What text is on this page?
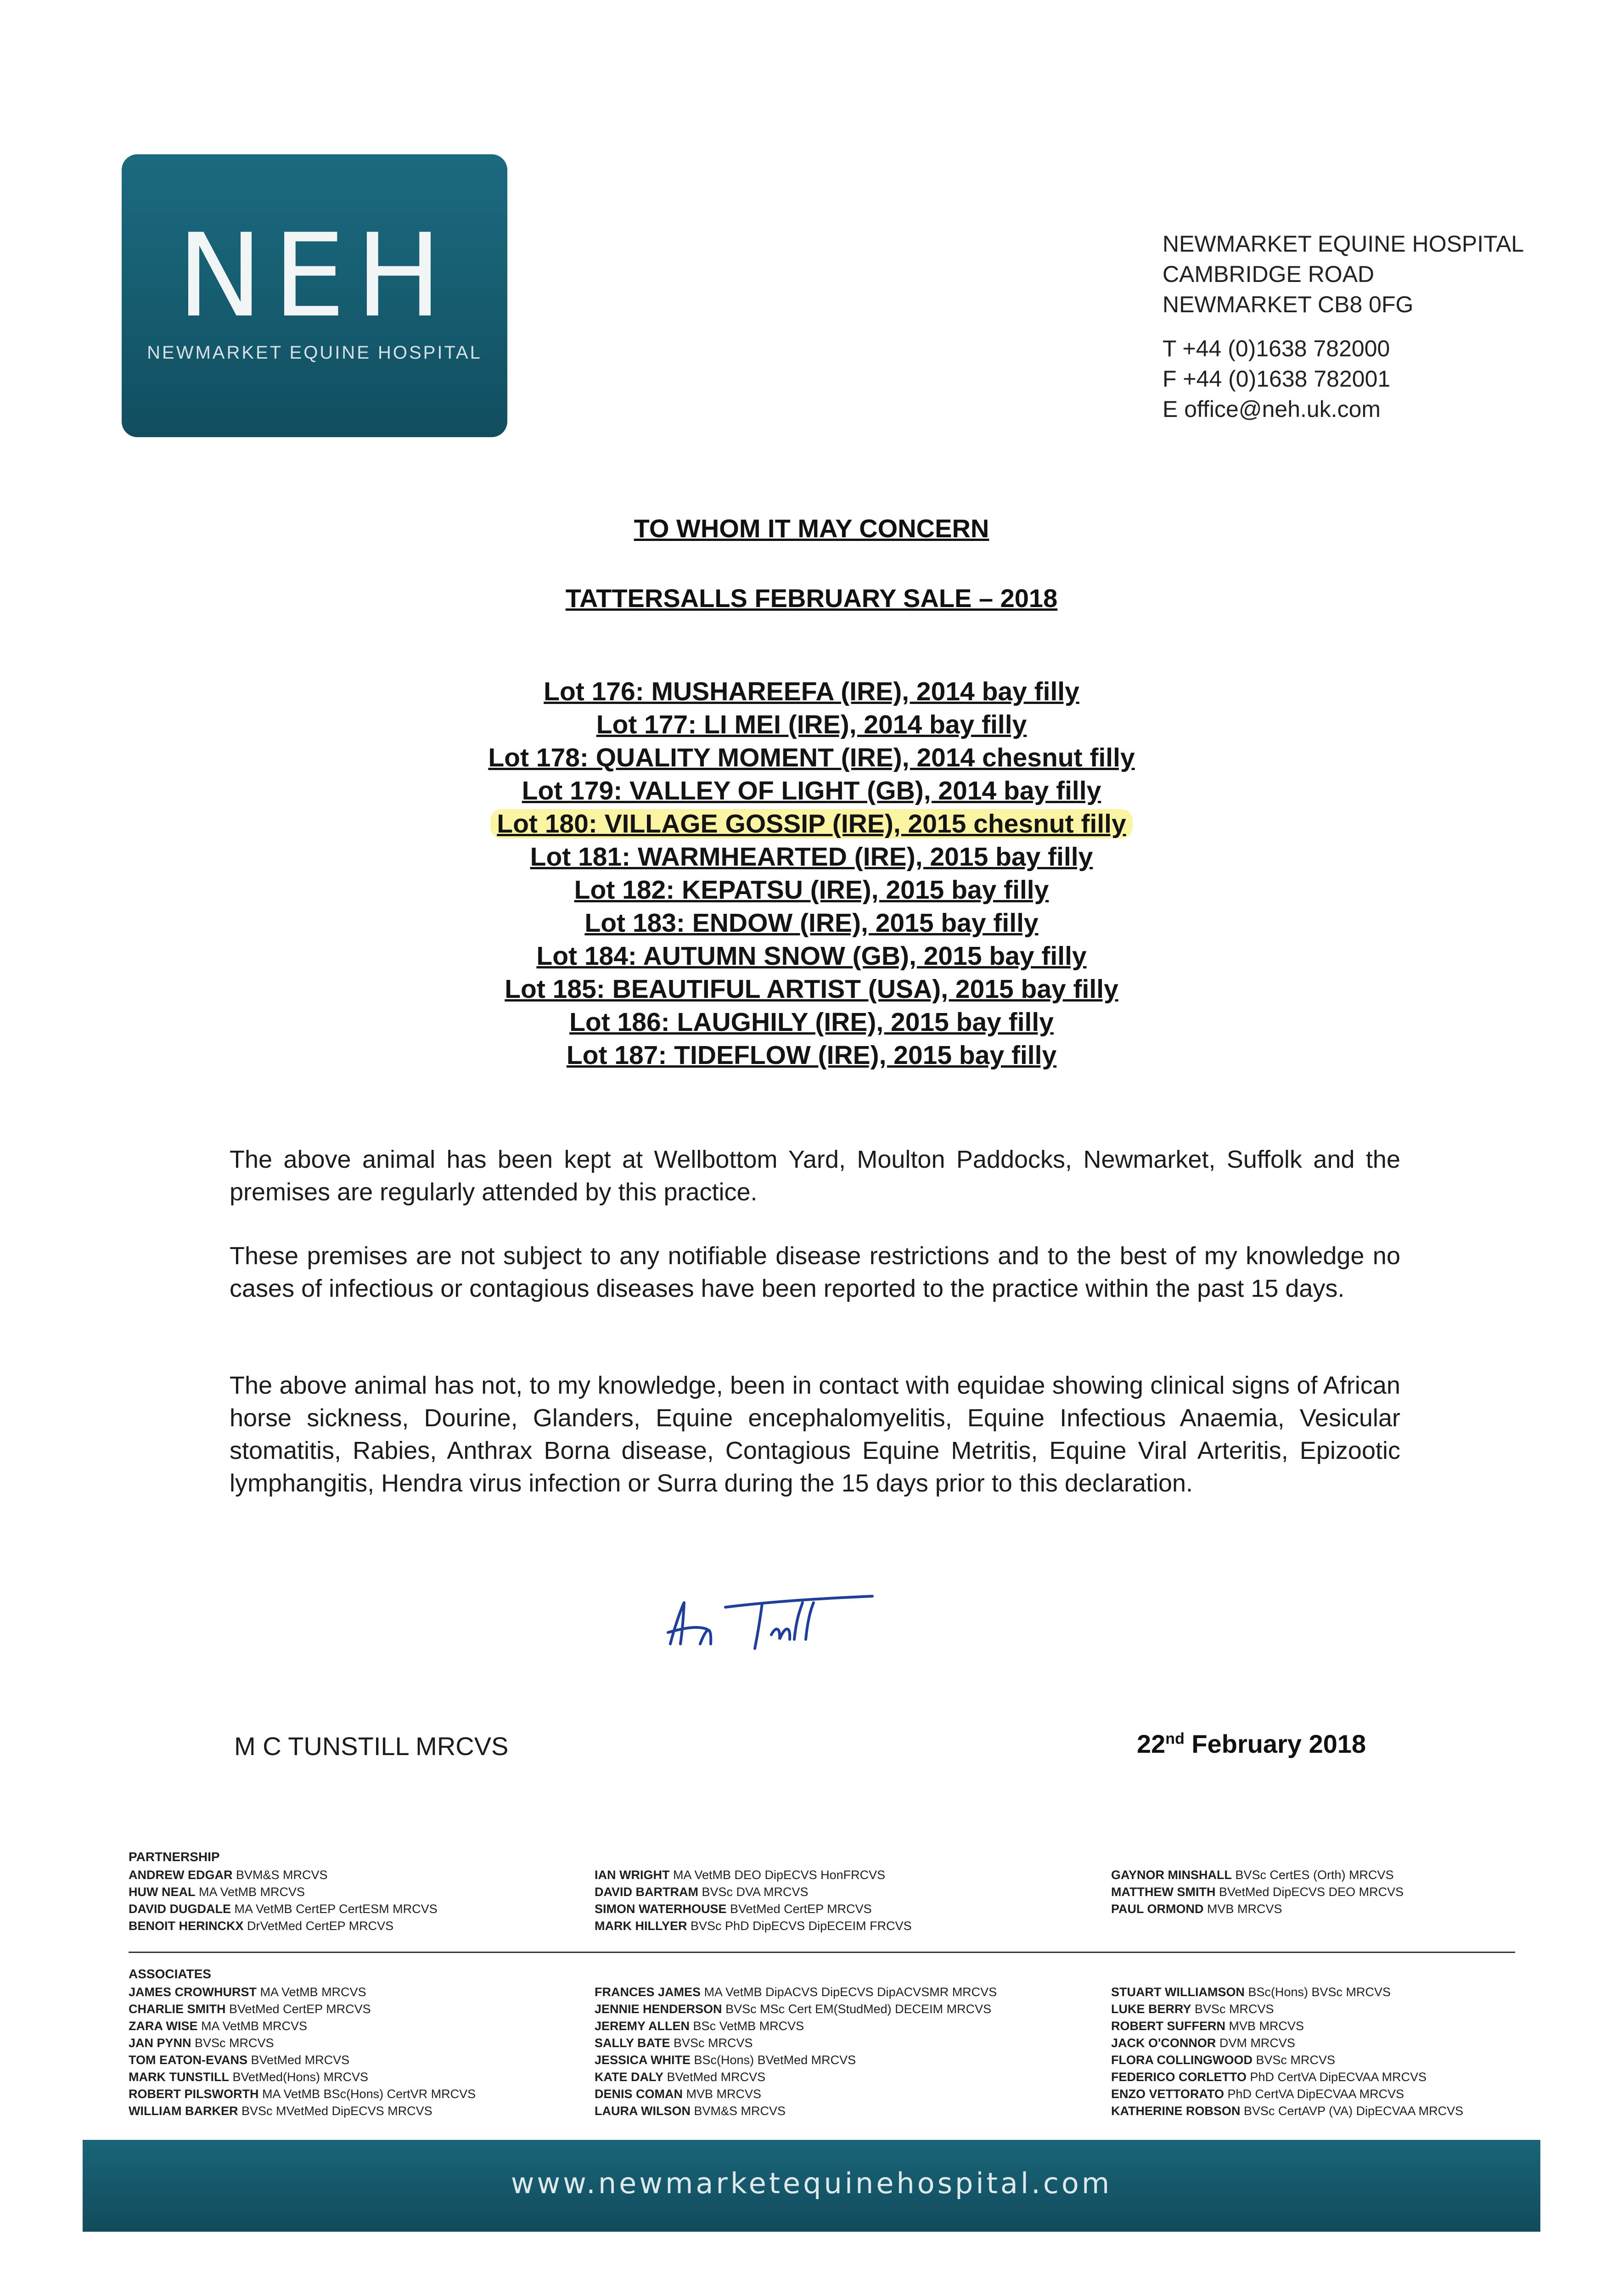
NEH
NEWMARKET EQUINE HOSPITAL
NEWMARKET EQUINE HOSPITAL
CAMBRIDGE ROAD
NEWMARKET CB8 0FG
T +44 (0)1638 782000
F +44 (0)1638 782001
E office@neh.uk.com
TO WHOM IT MAY CONCERN
TATTERSALLS FEBRUARY SALE – 2018
Lot 176: MUSHAREEFA (IRE), 2014 bay filly
Lot 177: LI MEI (IRE), 2014 bay filly
Lot 178: QUALITY MOMENT (IRE), 2014 chesnut filly
Lot 179: VALLEY OF LIGHT (GB), 2014 bay filly
Lot 180: VILLAGE GOSSIP (IRE), 2015 chesnut filly
Lot 181: WARMHEARTED (IRE), 2015 bay filly
Lot 182: KEPATSU (IRE), 2015 bay filly
Lot 183: ENDOW (IRE), 2015 bay filly
Lot 184: AUTUMN SNOW (GB), 2015 bay filly
Lot 185: BEAUTIFUL ARTIST (USA), 2015 bay filly
Lot 186: LAUGHILY (IRE), 2015 bay filly
Lot 187: TIDEFLOW (IRE), 2015 bay filly
The above animal has been kept at Wellbottom Yard, Moulton Paddocks, Newmarket, Suffolk and the premises are regularly attended by this practice.
These premises are not subject to any notifiable disease restrictions and to the best of my knowledge no cases of infectious or contagious diseases have been reported to the practice within the past 15 days.
The above animal has not, to my knowledge, been in contact with equidae showing clinical signs of African horse sickness, Dourine, Glanders, Equine encephalomyelitis, Equine Infectious Anaemia, Vesicular stomatitis, Rabies, Anthrax Borna disease, Contagious Equine Metritis, Equine Viral Arteritis, Epizootic lymphangitis, Hendra virus infection or Surra during the 15 days prior to this declaration.
M C TUNSTILL MRCVS	22nd February 2018
PARTNERSHIP
ANDREW EDGAR BVM&S MRCVS
HUW NEAL MA VetMB MRCVS
DAVID DUGDALE MA VetMB CertEP CertESM MRCVS
BENOIT HERINCKX DrVetMed CertEP MRCVS
IAN WRIGHT MA VetMB DEO DipECVS HonFRCVS
DAVID BARTRAM BVSc DVA MRCVS
SIMON WATERHOUSE BVetMed CertEP MRCVS
MARK HILLYER BVSc PhD DipECVS DipECEIM FRCVS
GAYNOR MINSHALL BVSc CertES (Orth) MRCVS
MATTHEW SMITH BVetMed DipECVS DEO MRCVS
PAUL ORMOND MVB MRCVS
ASSOCIATES
JAMES CROWHURST MA VetMB MRCVS
CHARLIE SMITH BVetMed CertEP MRCVS
ZARA WISE MA VetMB MRCVS
JAN PYNN BVSc MRCVS
TOM EATON-EVANS BVetMed MRCVS
MARK TUNSTILL BVetMed(Hons) MRCVS
ROBERT PILSWORTH MA VetMB BSc(Hons) CertVR MRCVS
WILLIAM BARKER BVSc MVetMed DipECVS MRCVS
FRANCES JAMES MA VetMB DipACVS DipECVS DipACVSMR MRCVS
JENNIE HENDERSON BVSc MSc Cert EM(StudMed) DECEIM MRCVS
JEREMY ALLEN BSc VetMB MRCVS
SALLY BATE BVSc MRCVS
JESSICA WHITE BSc(Hons) BVetMed MRCVS
KATE DALY BVetMed MRCVS
DENIS COMAN MVB MRCVS
LAURA WILSON BVM&S MRCVS
STUART WILLIAMSON BSc(Hons) BVSc MRCVS
LUKE BERRY BVSc MRCVS
ROBERT SUFFERN MVB MRCVS
JACK O'CONNOR DVM MRCVS
FLORA COLLINGWOOD BVSc MRCVS
FEDERICO CORLETTO PhD CertVA DipECVAA MRCVS
ENZO VETTORATO PhD CertVA DipECVAA MRCVS
KATHERINE ROBSON BVSc CertAVP (VA) DipECVAA MRCVS
www.newmarketequinehospital.com
